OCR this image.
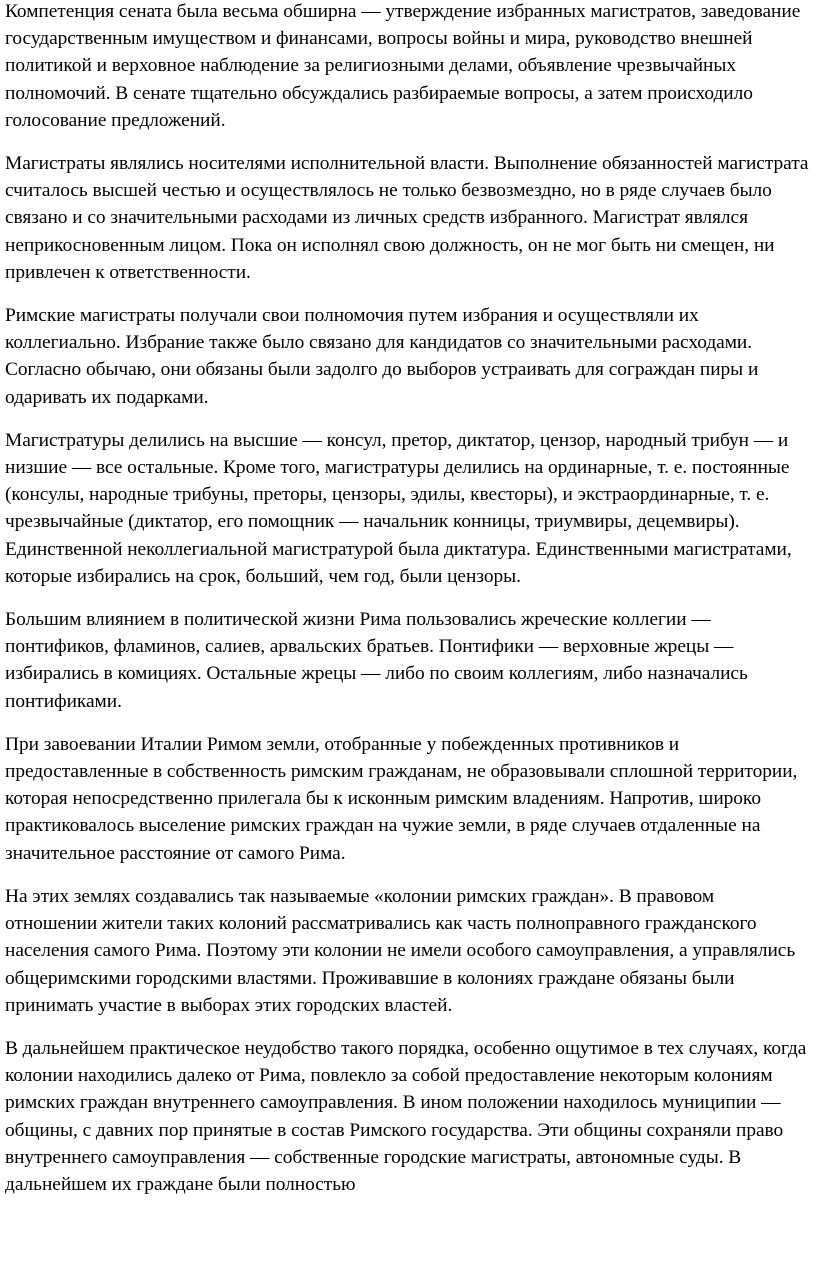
Компетенция сената была весьма обширна — утверждение избранных магистратов, заведование государственным имуществом и финансами, вопросы войны и мира, руководство внешней политикой и верховное наблюдение за религиозными делами, объявление чрезвычайных полномочий. В сенате тщательно обсуждались разбираемые вопросы, а затем происходило голосование предложений.

Магистраты являлись носителями исполнительной власти. Выполнение обязанностей магистрата считалось высшей честью и осуществлялось не только безвозмездно, но в ряде случаев было связано и со значительными расходами из личных средств избранного. Магистрат являлся неприкосновенным лицом. Пока он исполнял свою должность, он не мог быть ни смещен, ни привлечен к ответственности.

Римские магистраты получали свои полномочия путем избрания и осуществляли их коллегиально. Избрание также было связано для кандидатов со значительными расходами. Согласно обычаю, они обязаны были задолго до выборов устраивать для сограждан пиры и одаривать их подарками.

Магистратуры делились на высшие — консул, претор, диктатор, цензор, народный трибун — и низшие — все остальные. Кроме того, магистратуры делились на ординарные, т. е. постоянные (консулы, народные трибуны, преторы, цензоры, эдилы, квесторы), и экстраординарные, т. е. чрезвычайные (диктатор, его помощник — начальник конницы, триумвиры, децемвиры). Единственной неколлегиальной магистратурой была диктатура. Единственными магистратами, которые избирались на срок, больший, чем год, были цензоры.

Большим влиянием в политической жизни Рима пользовались жреческие коллегии — понтификов, фламинов, салиев, арвальских братьев. Понтифики — верховные жрецы — избирались в комициях. Остальные жрецы — либо по своим коллегиям, либо назначались понтификами.

При завоевании Италии Римом земли, отобранные у побежденных противников и предоставленные в собственность римским гражданам, не образовывали сплошной территории, которая непосредственно прилегала бы к исконным римским владениям. Напротив, широко практиковалось выселение римских граждан на чужие земли, в ряде случаев отдаленные на значительное расстояние от самого Рима.

На этих землях создавались так называемые «колонии римских граждан». В правовом отношении жители таких колоний рассматривались как часть полноправного гражданского населения самого Рима. Поэтому эти колонии не имели особого самоуправления, а управлялись общеримскими городскими властями. Проживавшие в колониях граждане обязаны были принимать участие в выборах этих городских властей.

В дальнейшем практическое неудобство такого порядка, особенно ощутимое в тех случаях, когда колонии находились далеко от Рима, повлекло за собой предоставление некоторым колониям римских граждан внутреннего самоуправления. В ином положении находилось муниципии — общины, с давних пор принятые в состав Римского государства. Эти общины сохраняли право внутреннего самоуправления — собственные городские магистраты, автономные суды. В дальнейшем их граждане были полностью
